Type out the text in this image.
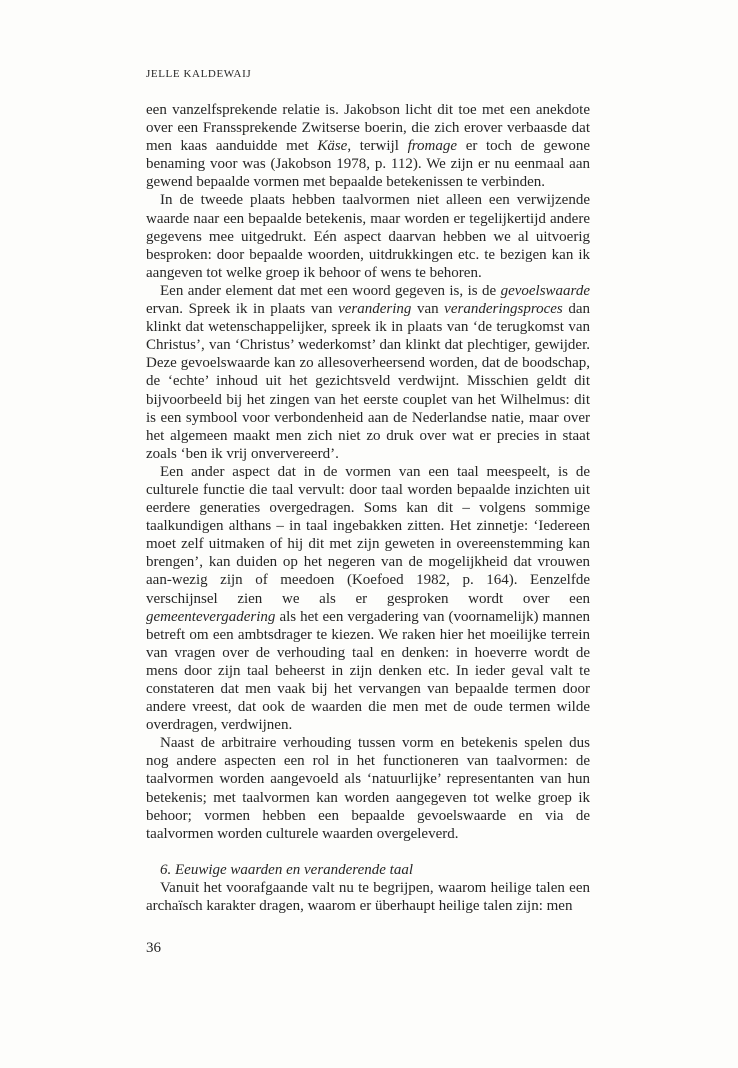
JELLE KALDEWAIJ

een vanzelfsprekende relatie is. Jakobson licht dit toe met een anekdote over een Franssprekende Zwitserse boerin, die zich erover verbaasde dat men kaas aanduidde met Käse, terwijl fromage er toch de gewone benaming voor was (Jakobson 1978, p. 112). We zijn er nu eenmaal aan gewend bepaalde vormen met bepaalde betekenissen te verbinden.

In de tweede plaats hebben taalvormen niet alleen een verwijzende waarde naar een bepaalde betekenis, maar worden er tegelijkertijd andere gegevens mee uitgedrukt. Eén aspect daarvan hebben we al uitvoerig besproken: door bepaalde woorden, uitdrukkingen etc. te bezigen kan ik aangeven tot welke groep ik behoor of wens te behoren.

Een ander element dat met een woord gegeven is, is de gevoelswaarde ervan. Spreek ik in plaats van verandering van veranderingsproces dan klinkt dat wetenschappelijker, spreek ik in plaats van ‘de terugkomst van Christus’, van ‘Christus’ wederkomst’ dan klinkt dat plechtiger, gewijder. Deze gevoelswaarde kan zo allesoverheersend worden, dat de boodschap, de ‘echte’ inhoud uit het gezichtsveld verdwijnt. Misschien geldt dit bijvoorbeeld bij het zingen van het eerste couplet van het Wilhelmus: dit is een symbool voor verbondenheid aan de Nederlandse natie, maar over het algemeen maakt men zich niet zo druk over wat er precies in staat zoals ‘ben ik vrij onververeerd’.

Een ander aspect dat in de vormen van een taal meespeelt, is de culturele functie die taal vervult: door taal worden bepaalde inzichten uit eerdere generaties overgedragen. Soms kan dit – volgens sommige taalkundigen althans – in taal ingebakken zitten. Het zinnetje: ‘Iedereen moet zelf uitmaken of hij dit met zijn geweten in overeenstemming kan brengen’, kan duiden op het negeren van de mogelijkheid dat vrouwen aan-wezig zijn of meedoen (Koefoed 1982, p. 164). Eenzelfde verschijnsel zien we als er gesproken wordt over een gemeentevergadering als het een vergadering van (voornamelijk) mannen betreft om een ambtsdrager te kiezen. We raken hier het moeilijke terrein van vragen over de verhouding taal en denken: in hoeverre wordt de mens door zijn taal beheerst in zijn denken etc. In ieder geval valt te constateren dat men vaak bij het vervangen van bepaalde termen door andere vreest, dat ook de waarden die men met de oude termen wilde overdragen, verdwijnen.

Naast de arbitraire verhouding tussen vorm en betekenis spelen dus nog andere aspecten een rol in het functioneren van taalvormen: de taalvormen worden aangevoeld als ‘natuurlijke’ representanten van hun betekenis; met taalvormen kan worden aangegeven tot welke groep ik behoor; vormen hebben een bepaalde gevoelswaarde en via de taalvormen worden culturele waarden overgeleverd.

6. Eeuwige waarden en veranderende taal

Vanuit het voorafgaande valt nu te begrijpen, waarom heilige talen een archaïsch karakter dragen, waarom er überhaupt heilige talen zijn: men

36
